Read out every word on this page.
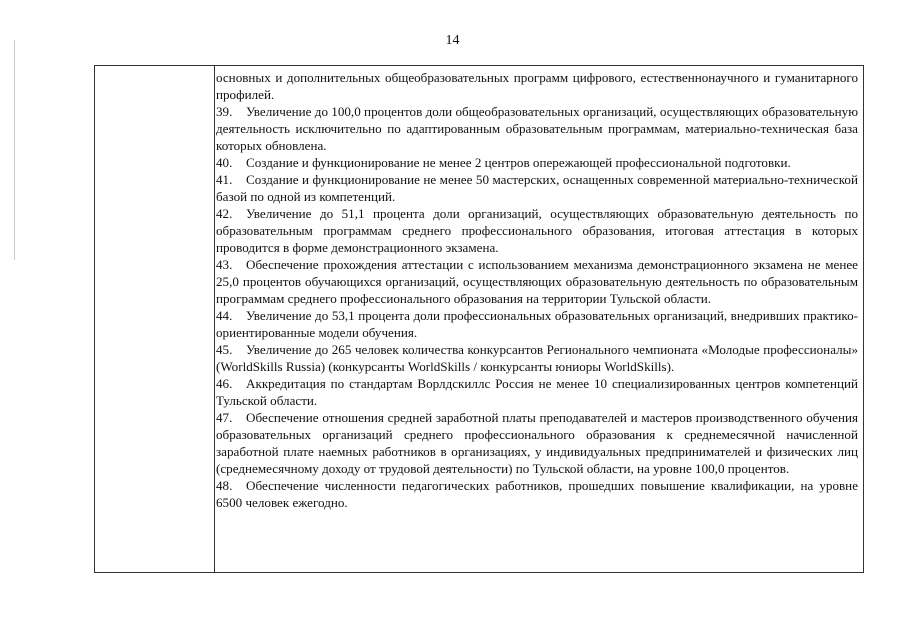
14

основных и дополнительных общеобразовательных программ цифрового, естественнонаучного и гуманитарного профилей.

39. Увеличение до 100,0 процентов доли общеобразовательных организаций, осуществляющих образовательную деятельность исключительно по адаптированным образовательным программам, материально-техническая база которых обновлена.

40. Создание и функционирование не менее 2 центров опережающей профессиональной подготовки.

41. Создание и функционирование не менее 50 мастерских, оснащенных современной материально-технической базой по одной из компетенций.

42. Увеличение до 51,1 процента доли организаций, осуществляющих образовательную деятельность по образовательным программам среднего профессионального образования, итоговая аттестация в которых проводится в форме демонстрационного экзамена.

43. Обеспечение прохождения аттестации с использованием механизма демонстрационного экзамена не менее 25,0 процентов обучающихся организаций, осуществляющих образовательную деятельность по образовательным программам среднего профессионального образования на территории Тульской области.

44. Увеличение до 53,1 процента доли профессиональных образовательных организаций, внедривших практико-ориентированные модели обучения.

45. Увеличение до 265 человек количества конкурсантов Регионального чемпионата «Молодые профессионалы» (WorldSkills Russia) (конкурсанты WorldSkills / конкурсанты юниоры WorldSkills).

46. Аккредитация по стандартам Ворлдскиллс Россия не менее 10 специализированных центров компетенций Тульской области.

47. Обеспечение отношения средней заработной платы преподавателей и мастеров производственного обучения образовательных организаций среднего профессионального образования к среднемесячной начисленной заработной плате наемных работников в организациях, у индивидуальных предпринимателей и физических лиц (среднемесячному доходу от трудовой деятельности) по Тульской области, на уровне 100,0 процентов.

48. Обеспечение численности педагогических работников, прошедших повышение квалификации, на уровне 6500 человек ежегодно.
